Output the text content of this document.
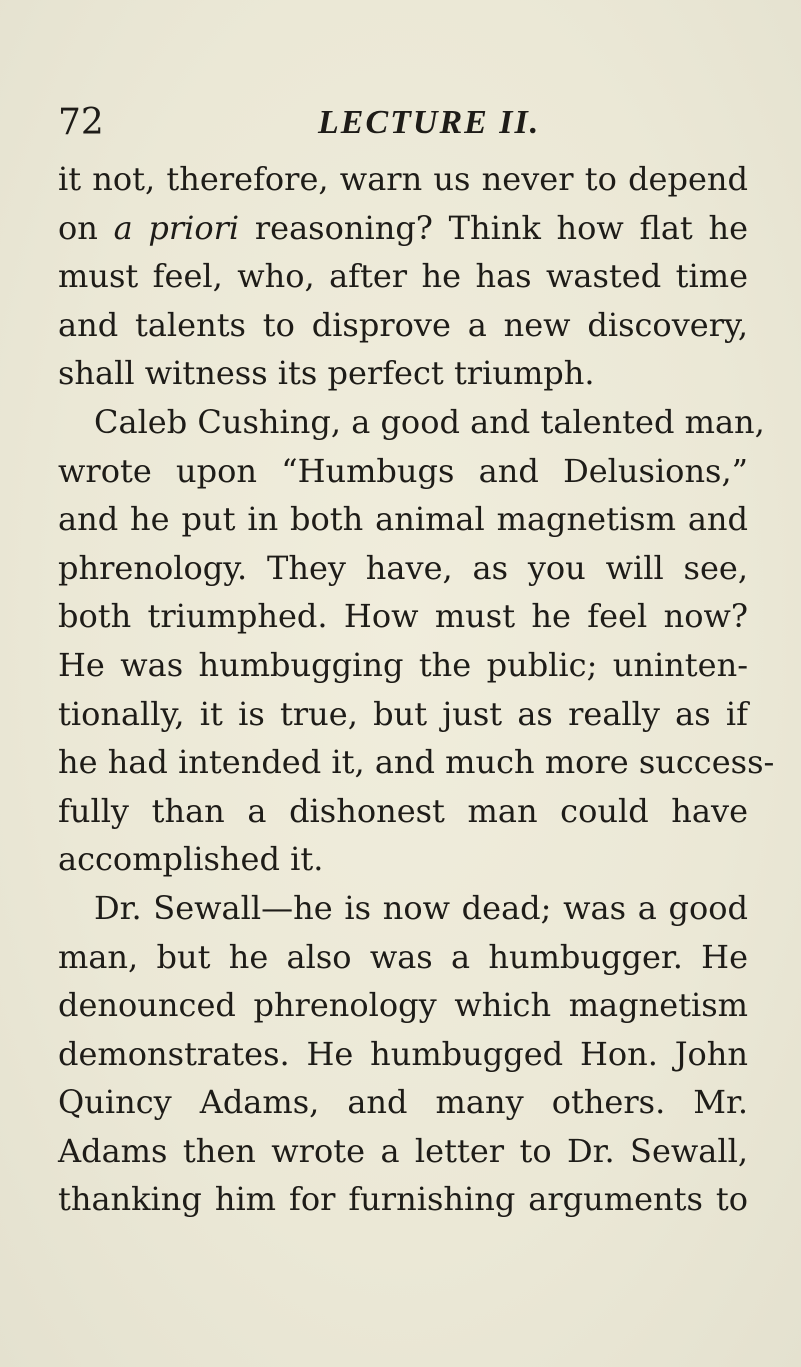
72	LECTURE II.
it not, therefore, warn us never to depend
on a priori reasoning? Think how flat he
must feel, who, after he has wasted time
and talents to disprove a new discovery,
shall witness its perfect triumph.
Caleb Cushing, a good and talented man,
wrote upon “Humbugs and Delusions,”
and he put in both animal magnetism and
phrenology. They have, as you will see,
both triumphed. How must he feel now?
He was humbugging the public; uninten-
tionally, it is true, but just as really as if
he had intended it, and much more success-
fully than a dishonest man could have
accomplished it.
Dr. Sewall—he is now dead; was a good
man, but he also was a humbugger. He
denounced phrenology which magnetism
demonstrates. He humbugged Hon. John
Quincy Adams, and many others. Mr.
Adams then wrote a letter to Dr. Sewall,
thanking him for furnishing arguments to
